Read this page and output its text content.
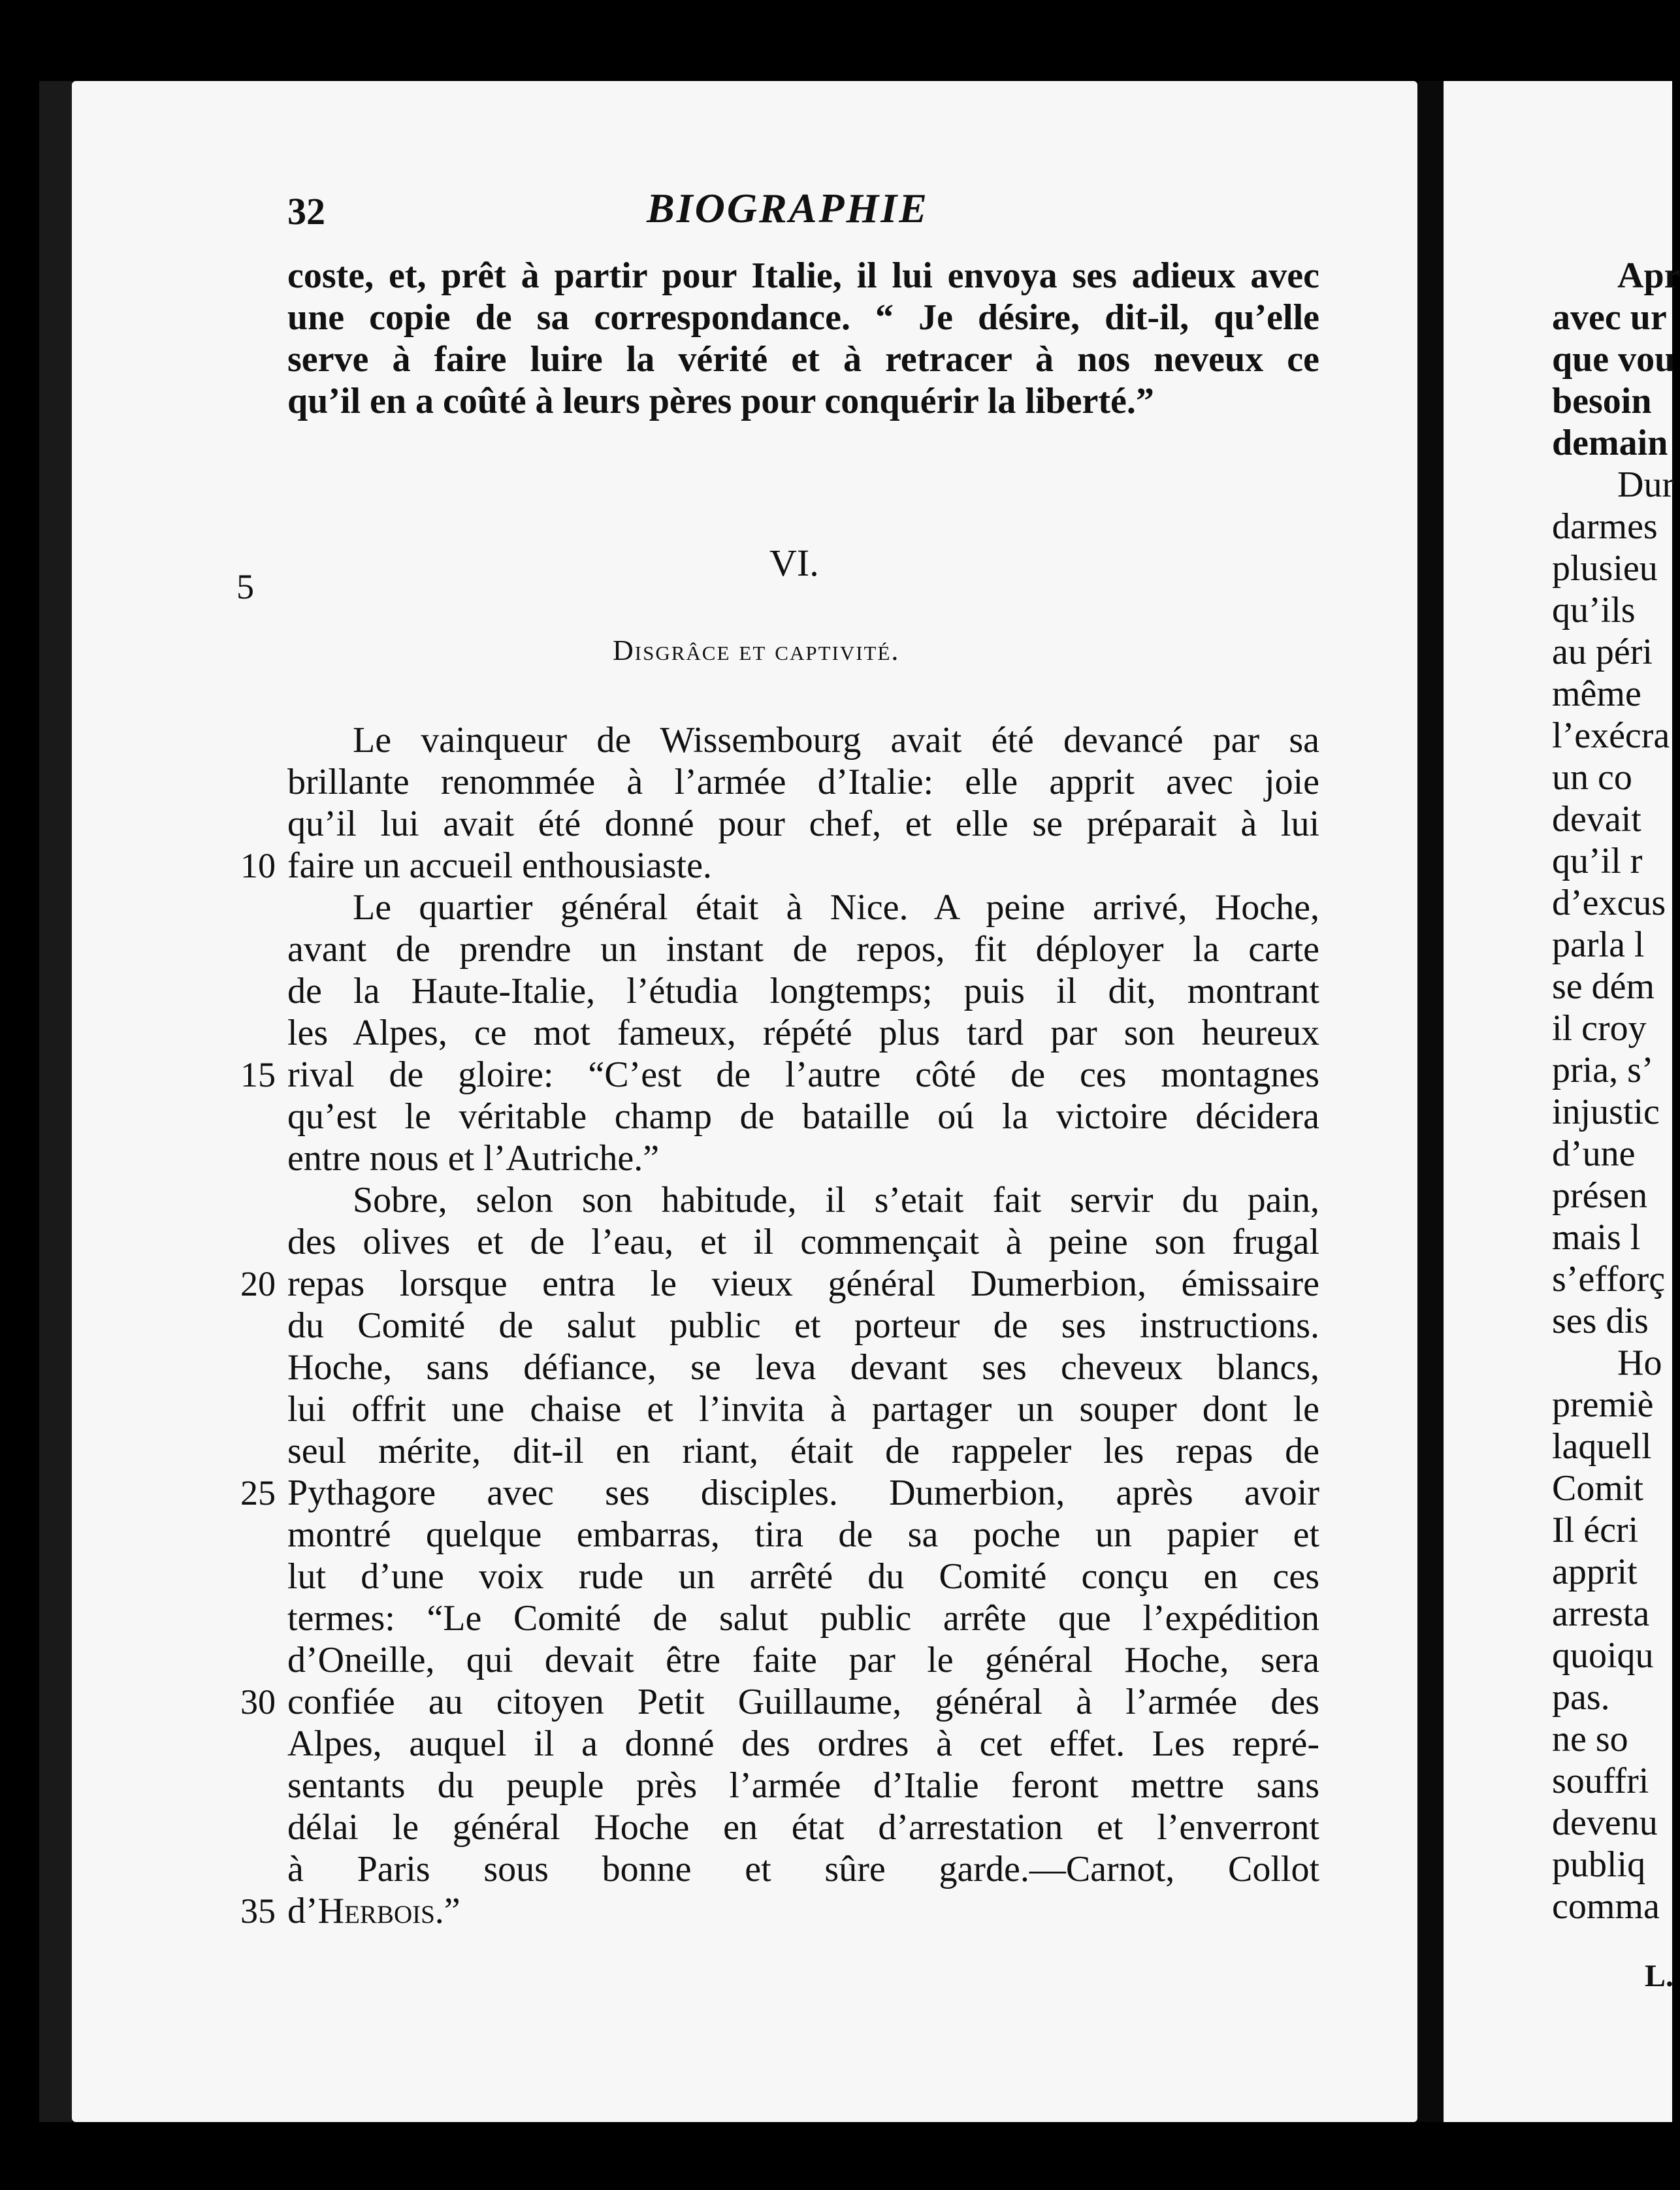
32	BIOGRAPHIE
coste, et, prêt à partir pour Italie, il lui envoya ses adieux avec
une copie de sa correspondance. “ Je désire, dit-il, qu’elle
serve à faire luire la vérité et à retracer à nos neveux ce
qu’il en a coûté à leurs pères pour conquérir la liberté.”
VI.
Disgrâce et captivité.
5
10
15
20
25
30
35
Le vainqueur de Wissembourg avait été devancé par sa
brillante renommée à l’armée d’Italie: elle apprit avec joie
qu’il lui avait été donné pour chef, et elle se préparait à lui
faire un accueil enthousiaste.
Le quartier général était à Nice. A peine arrivé, Hoche,
avant de prendre un instant de repos, fit déployer la carte
de la Haute-Italie, l’étudia longtemps; puis il dit, montrant
les Alpes, ce mot fameux, répété plus tard par son heureux
rival de gloire: “C’est de l’autre côté de ces montagnes
qu’est le véritable champ de bataille oú la victoire décidera
entre nous et l’Autriche.”
Sobre, selon son habitude, il s’etait fait servir du pain,
des olives et de l’eau, et il commençait à peine son frugal
repas lorsque entra le vieux général Dumerbion, émissaire
du Comité de salut public et porteur de ses instructions.
Hoche, sans défiance, se leva devant ses cheveux blancs,
lui offrit une chaise et l’invita à partager un souper dont le
seul mérite, dit-il en riant, était de rappeler les repas de
Pythagore avec ses disciples. Dumerbion, après avoir
montré quelque embarras, tira de sa poche un papier et
lut d’une voix rude un arrêté du Comité conçu en ces
termes: “Le Comité de salut public arrête que l’expédition
d’Oneille, qui devait être faite par le général Hoche, sera
confiée au citoyen Petit Guillaume, général à l’armée des
Alpes, auquel il a donné des ordres à cet effet. Les repré-
sentants du peuple près l’armée d’Italie feront mettre sans
délai le général Hoche en état d’arrestation et l’enverront
à Paris sous bonne et sûre garde.—Carnot, Collot
d’Herbois.”
Apr
avec ur
que vou
besoin
demain
Dur
darmes
plusieu
qu’ils
au péri
même
l’exécra
un co
devait
qu’il r
d’excus
parla l
se dém
il croy
pria, s’
injustic
d’une
présen
mais l
s’efforç
ses dis
Ho
premiè
laquell
Comit
Il écri
apprit
arresta
quoiqu
pas.
ne so
souffri
devenu
publiq
comma
L.
